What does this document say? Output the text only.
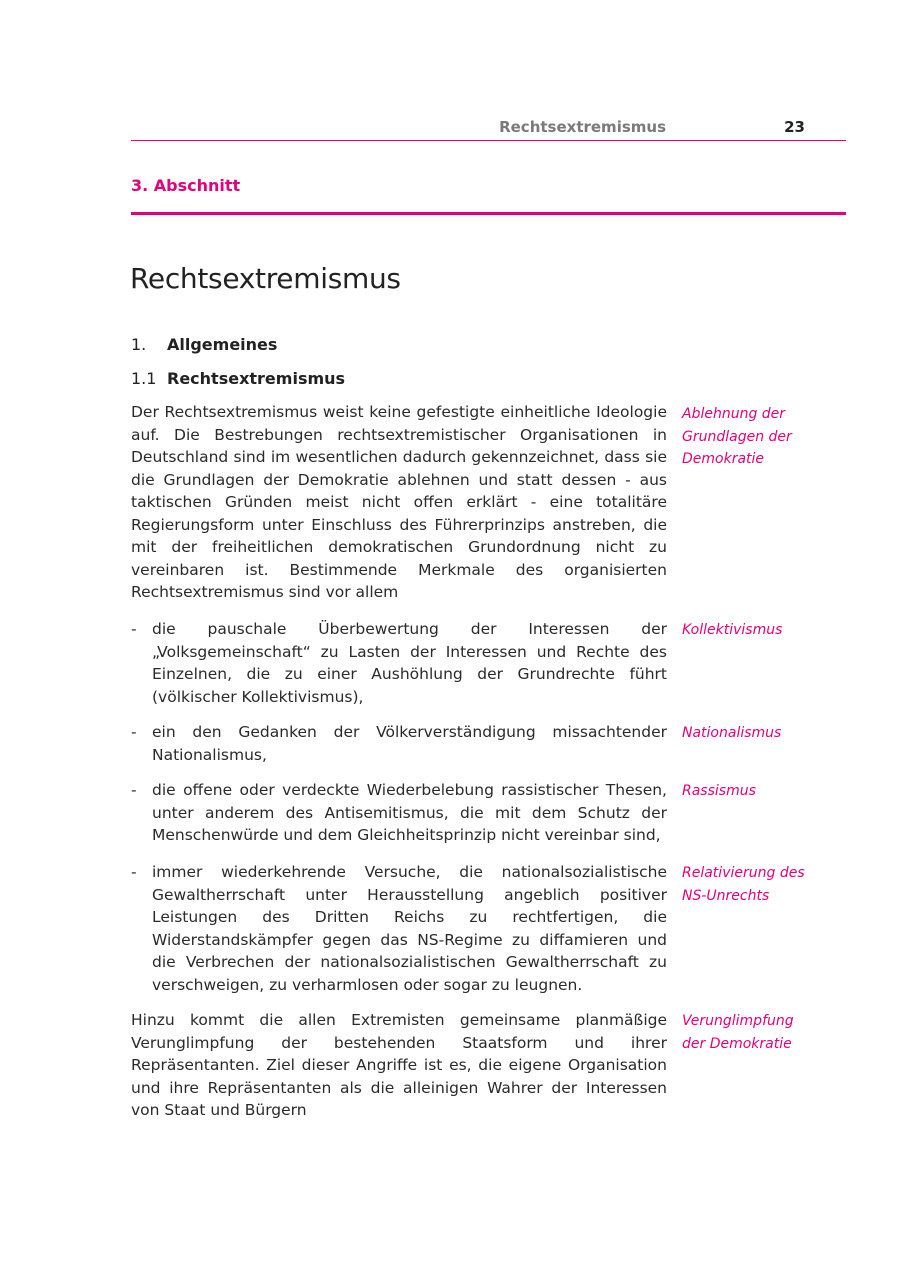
Rechtsextremismus	23
3. Abschnitt
Rechtsextremismus
1. Allgemeines
1.1 Rechtsextremismus

Der Rechtsextremismus weist keine gefestigte einheitliche Ideologie auf. Die Bestrebungen rechtsextremistischer Organisationen in Deutschland sind im wesentlichen dadurch gekennzeichnet, dass sie die Grundlagen der Demokratie ablehnen und statt dessen - aus taktischen Gründen meist nicht offen erklärt - eine totalitäre Regierungsform unter Einschluss des Führerprinzips anstreben, die mit der freiheitlichen demokratischen Grundordnung nicht zu vereinbaren ist. Bestimmende Merkmale des organisierten Rechtsextremismus sind vor allem

- die pauschale Überbewertung der Interessen der „Volksgemeinschaft“ zu Lasten der Interessen und Rechte des Einzelnen, die zu einer Aushöhlung der Grundrechte führt (völkischer Kollektivismus),
- ein den Gedanken der Völkerverständigung missachtender Nationalismus,
- die offene oder verdeckte Wiederbelebung rassistischer Thesen, unter anderem des Antisemitismus, die mit dem Schutz der Menschenwürde und dem Gleichheitsprinzip nicht vereinbar sind,
- immer wiederkehrende Versuche, die nationalsozialistische Gewaltherrschaft unter Herausstellung angeblich positiver Leistungen des Dritten Reichs zu rechtfertigen, die Widerstandskämpfer gegen das NS-Regime zu diffamieren und die Verbrechen der nationalsozialistischen Gewaltherrschaft zu verschweigen, zu verharmlosen oder sogar zu leugnen.

Hinzu kommt die allen Extremisten gemeinsame planmäßige Verunglimpfung der bestehenden Staatsform und ihrer Repräsentanten. Ziel dieser Angriffe ist es, die eigene Organisation und ihre Repräsentanten als die alleinigen Wahrer der Interessen von Staat und Bürgern

Ablehnung der
Grundlagen der
Demokratie
Kollektivismus
Nationalismus
Rassismus
Relativierung des
NS-Unrechts
Verunglimpfung
der Demokratie
